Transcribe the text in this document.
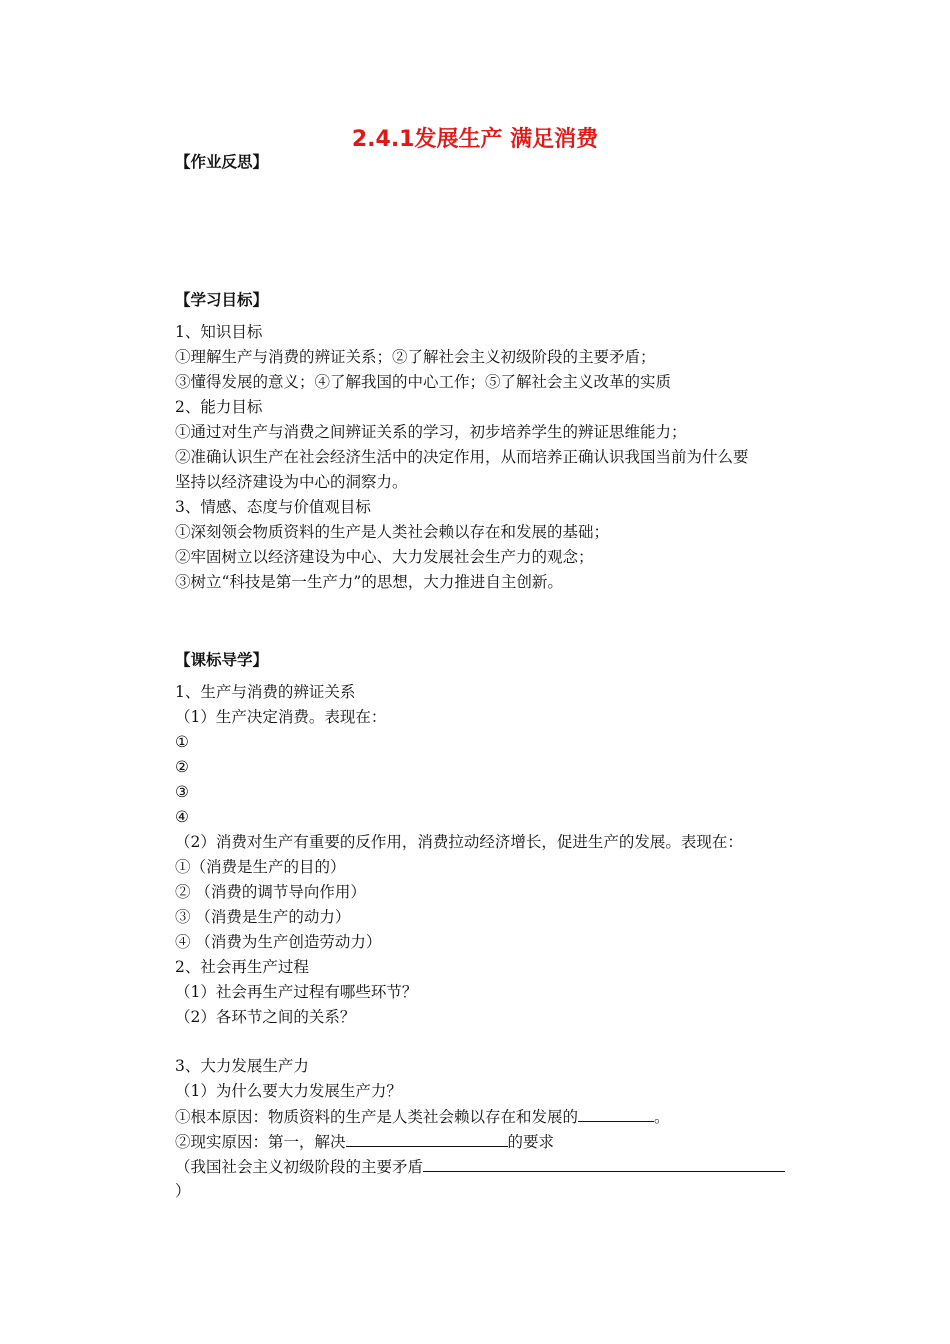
2.4.1发展生产 满足消费
【作业反思】
【学习目标】
1、知识目标
①理解生产与消费的辨证关系；②了解社会主义初级阶段的主要矛盾；
③懂得发展的意义；④了解我国的中心工作；⑤了解社会主义改革的实质
2、能力目标
①通过对生产与消费之间辨证关系的学习，初步培养学生的辨证思维能力；
②准确认识生产在社会经济生活中的决定作用，从而培养正确认识我国当前为什么要
坚持以经济建设为中心的洞察力。
3、情感、态度与价值观目标
①深刻领会物质资料的生产是人类社会赖以存在和发展的基础；
②牢固树立以经济建设为中心、大力发展社会生产力的观念；
③树立“科技是第一生产力”的思想，大力推进自主创新。
【课标导学】
1、生产与消费的辨证关系
（1）生产决定消费。表现在：
①
②
③
④
（2）消费对生产有重要的反作用，消费拉动经济增长，促进生产的发展。表现在：
①（消费是生产的目的）
② （消费的调节导向作用）
③ （消费是生产的动力）
④ （消费为生产创造劳动力）
2、社会再生产过程
（1）社会再生产过程有哪些环节？
（2）各环节之间的关系？
3、大力发展生产力
（1）为什么要大力发展生产力？
①根本原因：物质资料的生产是人类社会赖以存在和发展的	。
②现实原因：第一，解决	的要求
（我国社会主义初级阶段的主要矛盾
）
